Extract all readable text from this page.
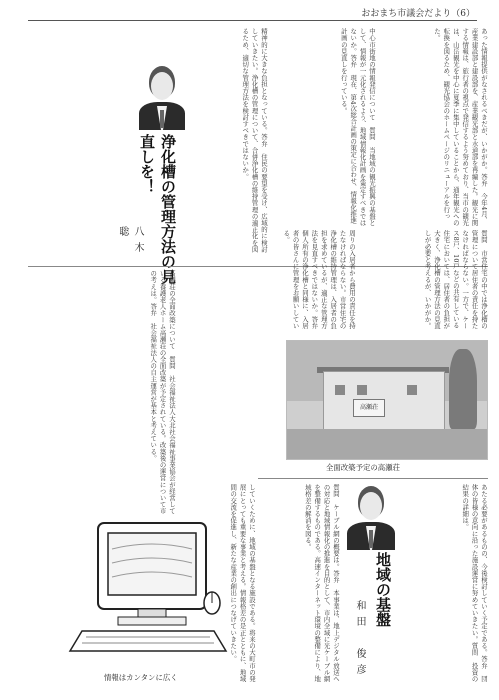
おおまち市議会だより（6）
あった情報提供がなされるべきだが、いかがか。答弁　今年4月、産業建設部と建設部を、産業観光部と水道部を再編した。観光に関する情報は、旅行者の視点で発信するよう努めており、当市の観光は、山岳観光を中心に夏季に集中していることから、通年観光への転換を図るため、観光協会のホームページのリニューアルを行った。
中心市街地の情報発信について　質問　当地域の観光振興の基盤として、情報が一元化されるよう、地域情報化計画を策定すべきではないか。答弁　現在、第4次総合計画の策定に合わせ、情報化推進計画の見直しを行っている。
精神的に大きな負担となっている。答弁　住民の要望を受け、広域的に検討していきたい。浄化槽の管理について、合併浄化槽の維持管理の適正化を図るため、適切な管理方法を検討すべきではないか。
浄化槽の管理方法の見直しを！
八木　聡	質問　市営住宅の中では浄化槽の管理について居住者の責任を持たなければならない。一方で、ケース8戸、10戸などの共有している住宅においては、居住者の負担が大きく、浄化槽の管理方法の見直しが必要と考えるが、いかがか。
周りの入居者から費用の責任を持たなければならない。市営住宅の浄化槽の維持管理は、入居者の負担を求めているが、適正な管理方法を見直すべきではないか。答弁　個人所有の浄化槽と同様に、入居者の皆さんに管理をお願いしている。
高瀬荘の全面改築について　質問　社会福祉法人大北社会福祉事業協会が経営している養護老人ホーム高瀬荘の全面改築が予定されている。改築後の運営について市の考えは。答弁　社会福祉法人の自主運営が基本と考えている。	高瀬荘
全面改築予定の高瀬荘
地域の基盤
和田　俊彦	あたる必要があるものの、今後検討していく予定である。答弁　団体の皆様の意向に沿った施設運営に努めていきたい。質問　投資の結果の詳細は。
質問　ケーブル網の概要は。答弁　本事業は、地上デジタル放送への対応と地域情報化の推進を目的として、市内全域に光ケーブル網を整備するものである。高速インターネット環境の整備により、地域格差の解消を図る。
していくために、地域の基盤となる施設である。将来の大町市の発展にとっても重要な事業と考える。情報格差の是正とともに、地域間の交流を促進し、新たな産業の創出につなげていきたい。
情報はカンタンに広く
